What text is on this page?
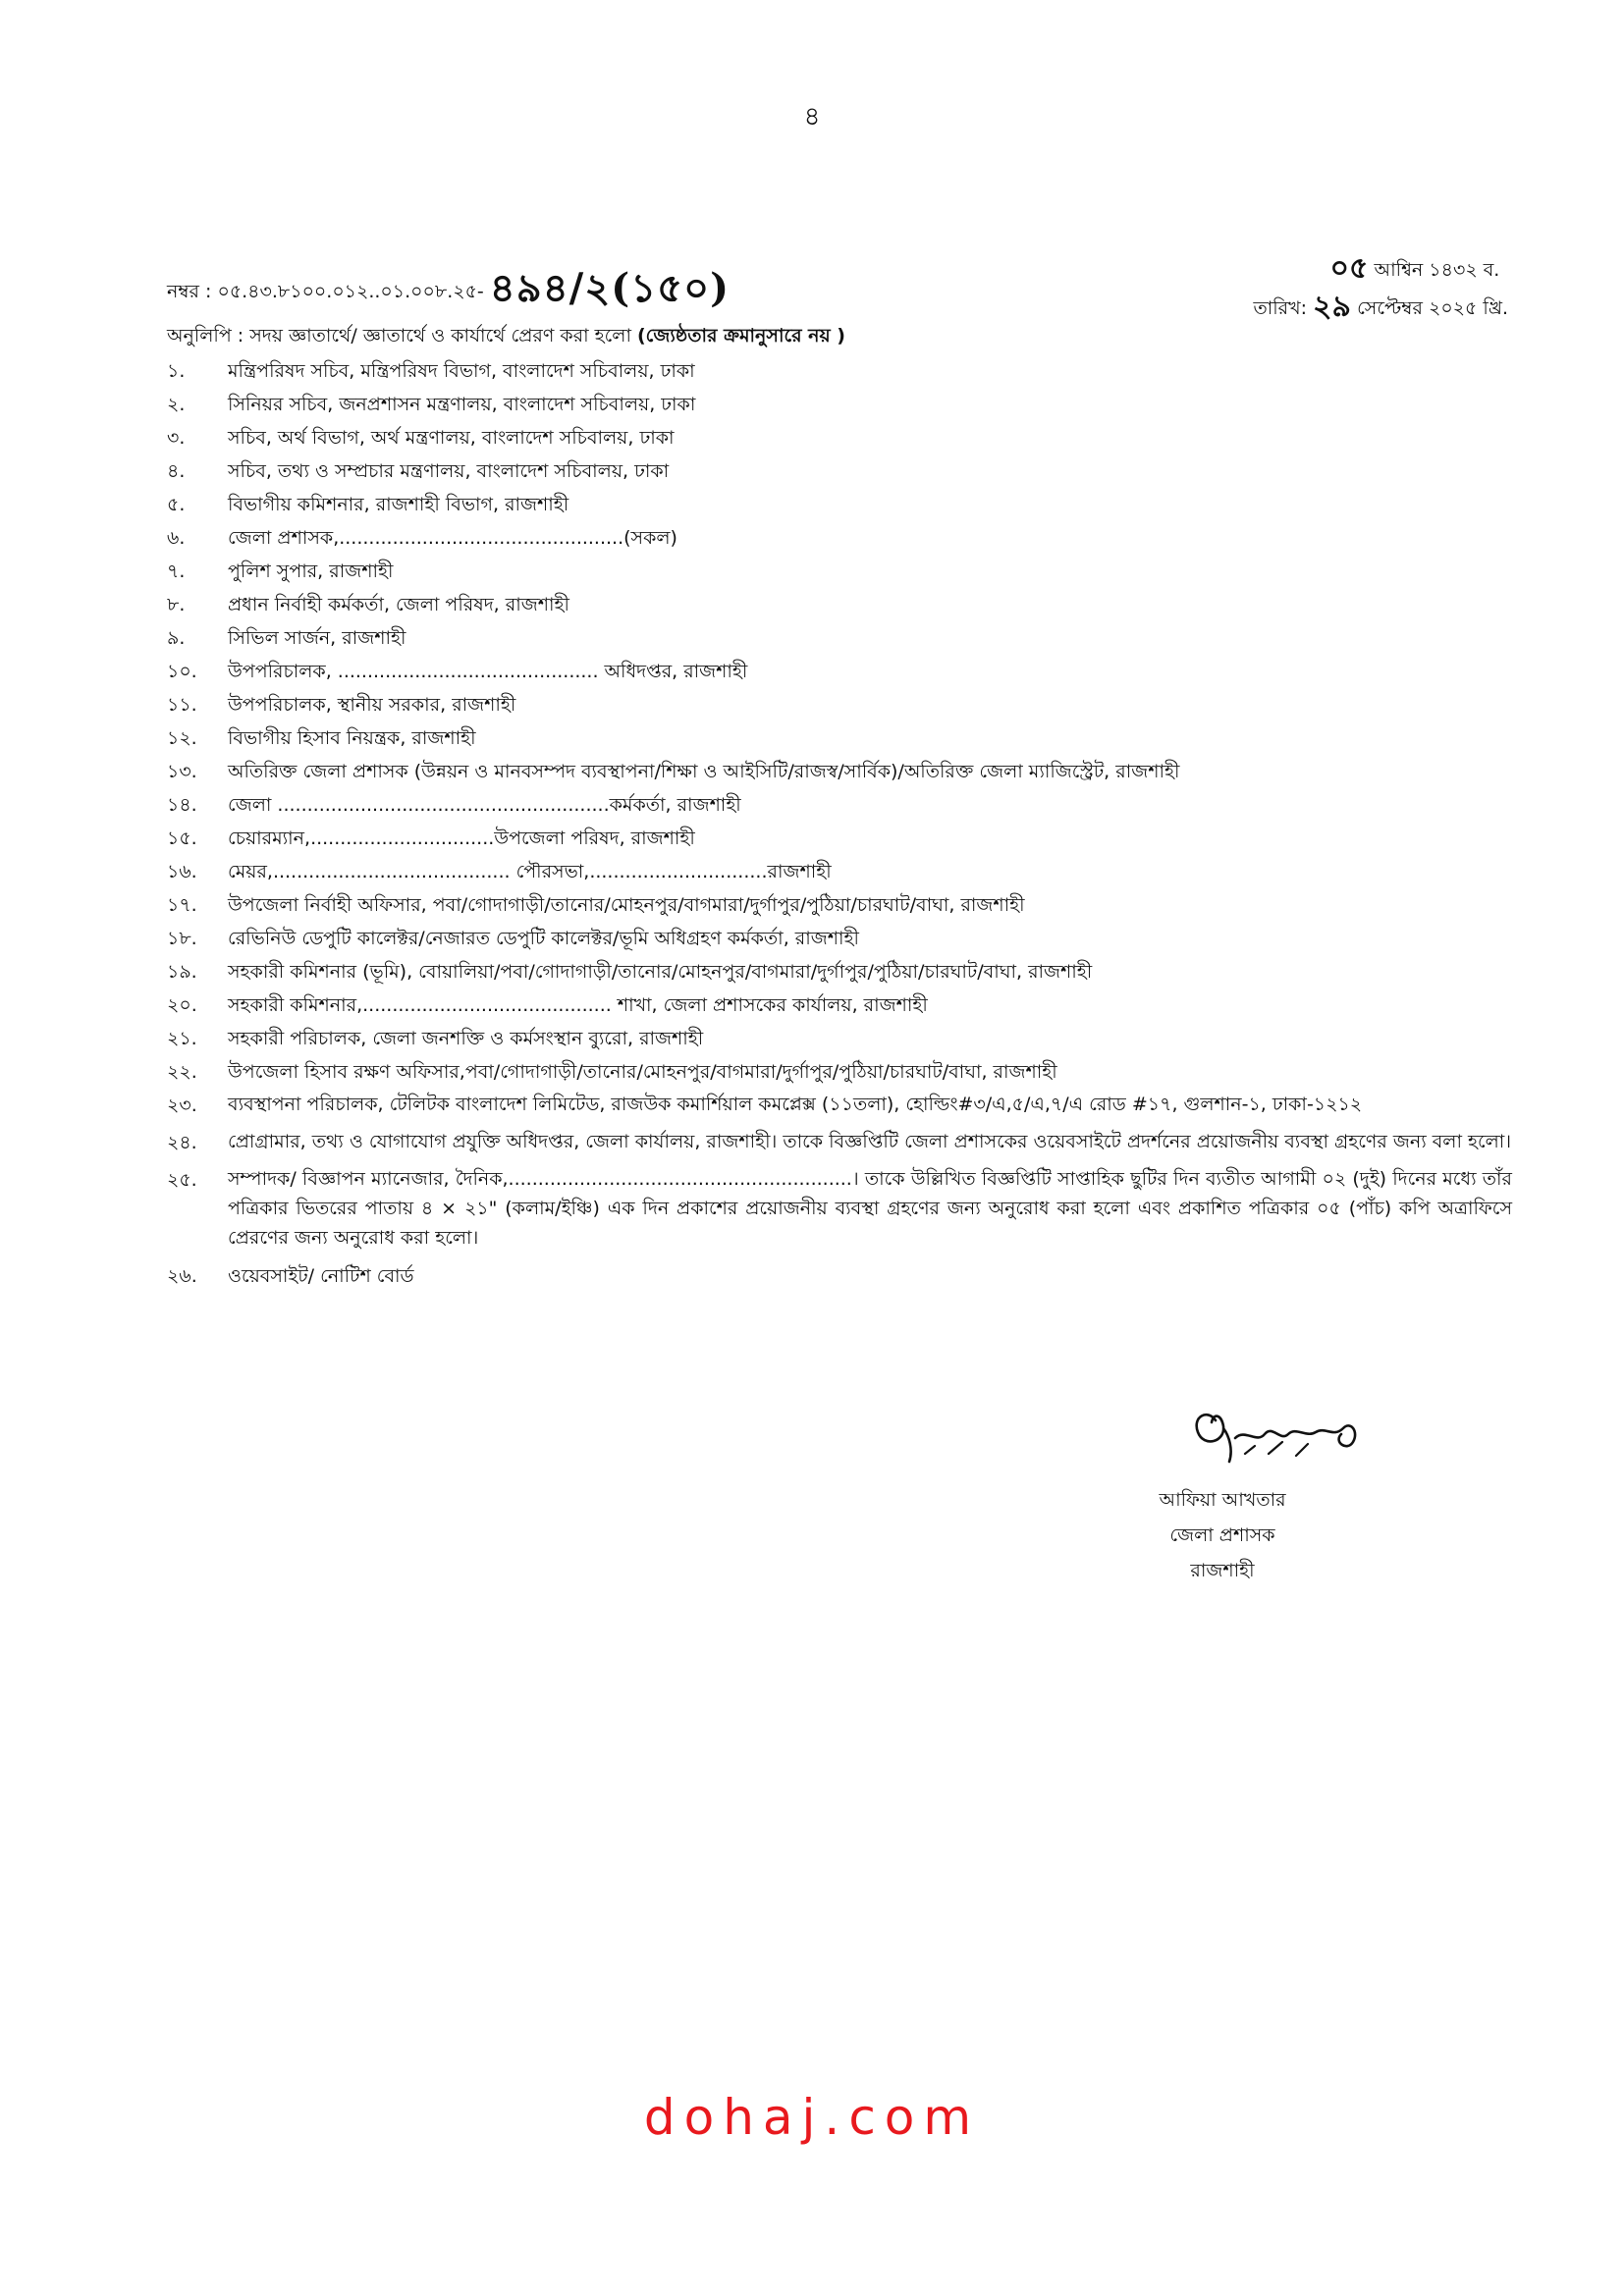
৪
নম্বর : ০৫.৪৩.৮১০০.০১২..০১.০০৮.২৫- ৪৯৪/২(১৫০)	০৫ আশ্বিন ১৪৩২ ব.
তারিখ: ২৯ সেপ্টেম্বর ২০২৫ খ্রি.
অনুলিপি : সদয় জ্ঞাতার্থে/ জ্ঞাতার্থে ও কার্যার্থে প্রেরণ করা হলো (জ্যেষ্ঠতার ক্রমানুসারে নয় )
১.	মন্ত্রিপরিষদ সচিব, মন্ত্রিপরিষদ বিভাগ, বাংলাদেশ সচিবালয়, ঢাকা
২.	সিনিয়র সচিব, জনপ্রশাসন মন্ত্রণালয়, বাংলাদেশ সচিবালয়, ঢাকা
৩.	সচিব, অর্থ বিভাগ, অর্থ মন্ত্রণালয়, বাংলাদেশ সচিবালয়, ঢাকা
৪.	সচিব, তথ্য ও সম্প্রচার মন্ত্রণালয়, বাংলাদেশ সচিবালয়, ঢাকা
৫.	বিভাগীয় কমিশনার, রাজশাহী বিভাগ, রাজশাহী
৬.	জেলা প্রশাসক,................................................(সকল)
৭.	পুলিশ সুপার, রাজশাহী
৮.	প্রধান নির্বাহী কর্মকর্তা, জেলা পরিষদ, রাজশাহী
৯.	সিভিল সার্জন, রাজশাহী
১০.	উপপরিচালক, ............................................ অধিদপ্তর, রাজশাহী
১১.	উপপরিচালক, স্থানীয় সরকার, রাজশাহী
১২.	বিভাগীয় হিসাব নিয়ন্ত্রক, রাজশাহী
১৩.	অতিরিক্ত জেলা প্রশাসক (উন্নয়ন ও মানবসম্পদ ব্যবস্থাপনা/শিক্ষা ও আইসিটি/রাজস্ব/সার্বিক)/অতিরিক্ত জেলা ম্যাজিস্ট্রেট, রাজশাহী
১৪.	জেলা ........................................................কর্মকর্তা, রাজশাহী
১৫.	চেয়ারম্যান,...............................উপজেলা পরিষদ, রাজশাহী
১৬.	মেয়র,........................................ পৌরসভা,..............................রাজশাহী
১৭.	উপজেলা নির্বাহী অফিসার, পবা/গোদাগাড়ী/তানোর/মোহনপুর/বাগমারা/দুর্গাপুর/পুঠিয়া/চারঘাট/বাঘা, রাজশাহী
১৮.	রেভিনিউ ডেপুটি কালেক্টর/নেজারত ডেপুটি কালেক্টর/ভূমি অধিগ্রহণ কর্মকর্তা, রাজশাহী
১৯.	সহকারী কমিশনার (ভূমি), বোয়ালিয়া/পবা/গোদাগাড়ী/তানোর/মোহনপুর/বাগমারা/দুর্গাপুর/পুঠিয়া/চারঘাট/বাঘা, রাজশাহী
২০.	সহকারী কমিশনার,.......................................... শাখা, জেলা প্রশাসকের কার্যালয়, রাজশাহী
২১.	সহকারী পরিচালক, জেলা জনশক্তি ও কর্মসংস্থান ব্যুরো, রাজশাহী
২২.	উপজেলা হিসাব রক্ষণ অফিসার,পবা/গোদাগাড়ী/তানোর/মোহনপুর/বাগমারা/দুর্গাপুর/পুঠিয়া/চারঘাট/বাঘা, রাজশাহী
২৩.	ব্যবস্থাপনা পরিচালক, টেলিটক বাংলাদেশ লিমিটেড, রাজউক কমার্শিয়াল কমপ্লেক্স (১১তলা), হোল্ডিং#৩/এ,৫/এ,৭/এ রোড #১৭, গুলশান-১, ঢাকা-১২১২
২৪.	প্রোগ্রামার, তথ্য ও যোগাযোগ প্রযুক্তি অধিদপ্তর, জেলা কার্যালয়, রাজশাহী। তাকে বিজ্ঞপ্তিটি জেলা প্রশাসকের ওয়েবসাইটে প্রদর্শনের প্রয়োজনীয় ব্যবস্থা গ্রহণের জন্য বলা হলো।
২৫.	সম্পাদক/ বিজ্ঞাপন ম্যানেজার, দৈনিক,..........................................................। তাকে উল্লিখিত বিজ্ঞপ্তিটি সাপ্তাহিক ছুটির দিন ব্যতীত আগামী ০২ (দুই) দিনের মধ্যে তাঁর পত্রিকার ভিতরের পাতায় ৪ × ২১" (কলাম/ইঞ্চি) এক দিন প্রকাশের প্রয়োজনীয় ব্যবস্থা গ্রহণের জন্য অনুরোধ করা হলো এবং প্রকাশিত পত্রিকার ০৫ (পাঁচ) কপি অত্রাফিসে প্রেরণের জন্য অনুরোধ করা হলো।
২৬.	ওয়েবসাইট/ নোটিশ বোর্ড
আফিয়া আখতার
জেলা প্রশাসক
রাজশাহী
dohaj.com
